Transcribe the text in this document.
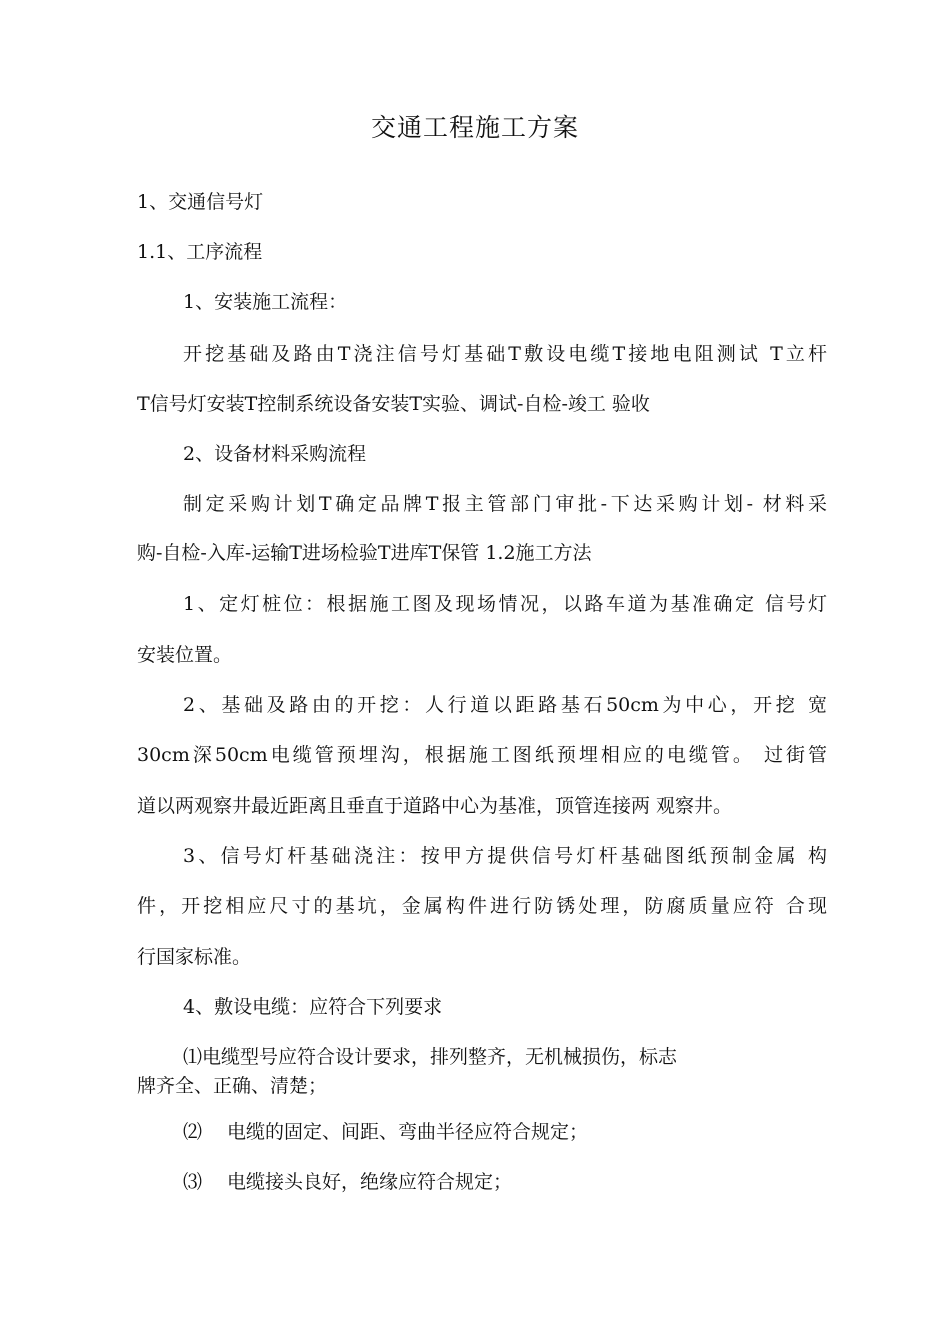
交通工程施工方案
1、交通信号灯
1.1、工序流程
1、安装施工流程：
开挖基础及路由T浇注信号灯基础T敷设电缆T接地电阻测试 T立杆
T信号灯安装T控制系统设备安装T实验、调试-自检-竣工 验收
2、设备材料采购流程
制定采购计划T确定品牌T报主管部门审批-下达采购计划- 材料采
购-自检-入库-运输T进场检验T进库T保管 1.2施工方法
1、定灯桩位：根据施工图及现场情况，以路车道为基准确定 信号灯
安装位置。
2、基础及路由的开挖：人行道以距路基石50cm为中心，开挖 宽
30cm深50cm电缆管预埋沟，根据施工图纸预埋相应的电缆管。 过街管
道以两观察井最近距离且垂直于道路中心为基准，顶管连接两 观察井。
3、信号灯杆基础浇注：按甲方提供信号灯杆基础图纸预制金属 构
件，开挖相应尺寸的基坑，金属构件进行防锈处理，防腐质量应符 合现
行国家标准。
4、敷设电缆：应符合下列要求
⑴电缆型号应符合设计要求，排列整齐，无机械损伤，标志
牌齐全、正确、清楚；
⑵ 电缆的固定、间距、弯曲半径应符合规定；
⑶ 电缆接头良好，绝缘应符合规定；
